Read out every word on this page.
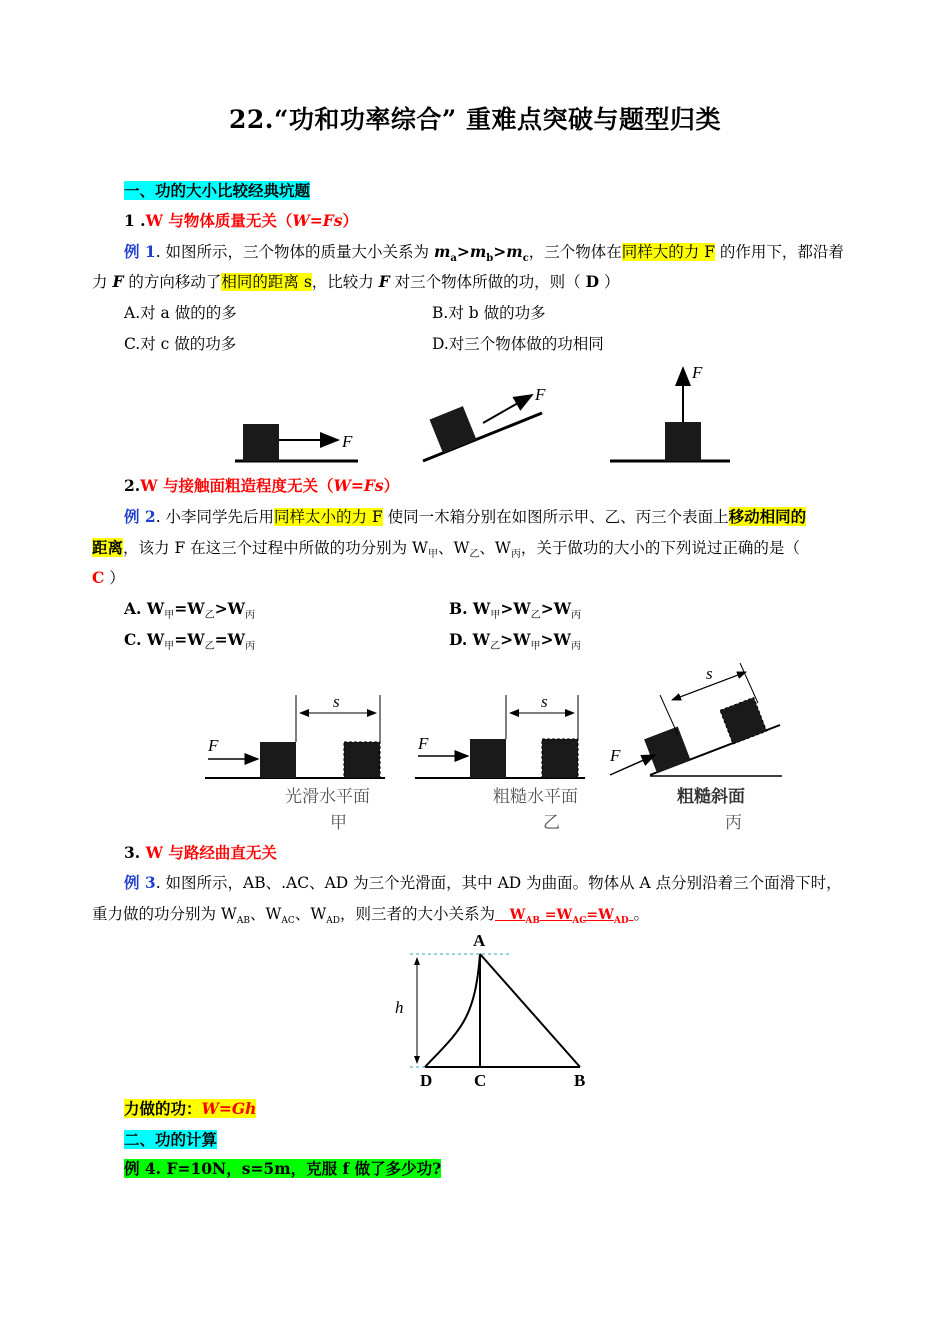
22.“功和功率综合” 重难点突破与题型归类
一、功的大小比较经典坑题
1 .W 与物体质量无关（W=Fs）
例 1. 如图所示，三个物体的质量大小关系为 $m_a>m_b>m_c$，三个物体在同样大的力 F 的作用下，都沿着
力 F 的方向移动了相同的距离 s，比较力 F 对三个物体所做的功，则（ D ）
A.对 a 做的的多	B.对 b 做的功多
C.对 c 做的功多	D.对三个物体做的功相同
F
F
F
2.W 与接触面粗造程度无关（W=Fs）
例 2. 小李同学先后用同样太小的力 F 使同一木箱分别在如图所示甲、乙、丙三个表面上移动相同的
距离，该力 F 在这三个过程中所做的功分别为 $W_甲$、$W_乙$、$W_丙$，关于做功的大小的下列说过正确的是（
C ）
A. $W_甲=W_乙>W_丙$	B. $W_甲>W_乙>W_丙$
C. $W_甲=W_乙=W_丙$	D. $W_乙>W_甲>W_丙$
F
s
光滑水平面
甲
F
s
粗糙水平面
乙
F
s
粗糙斜面
丙
3. W 与路经曲直无关
例 3. 如图所示，AB、.AC、AD 为三个光滑面，其中 AD 为曲面。物体从 A 点分别沿着三个面滑下时，
重力做的功分别为 $W_{AB}$、$W_{AC}$、$W_{AD}$，则三者的大小关系为 $W_{AB} =W_{AC}=W_{AD}$ 。
h
A
D C	B
力做的功：W=Gh
二、功的计算
例 4. F=10N，s=5m，克服 f 做了多少功?
